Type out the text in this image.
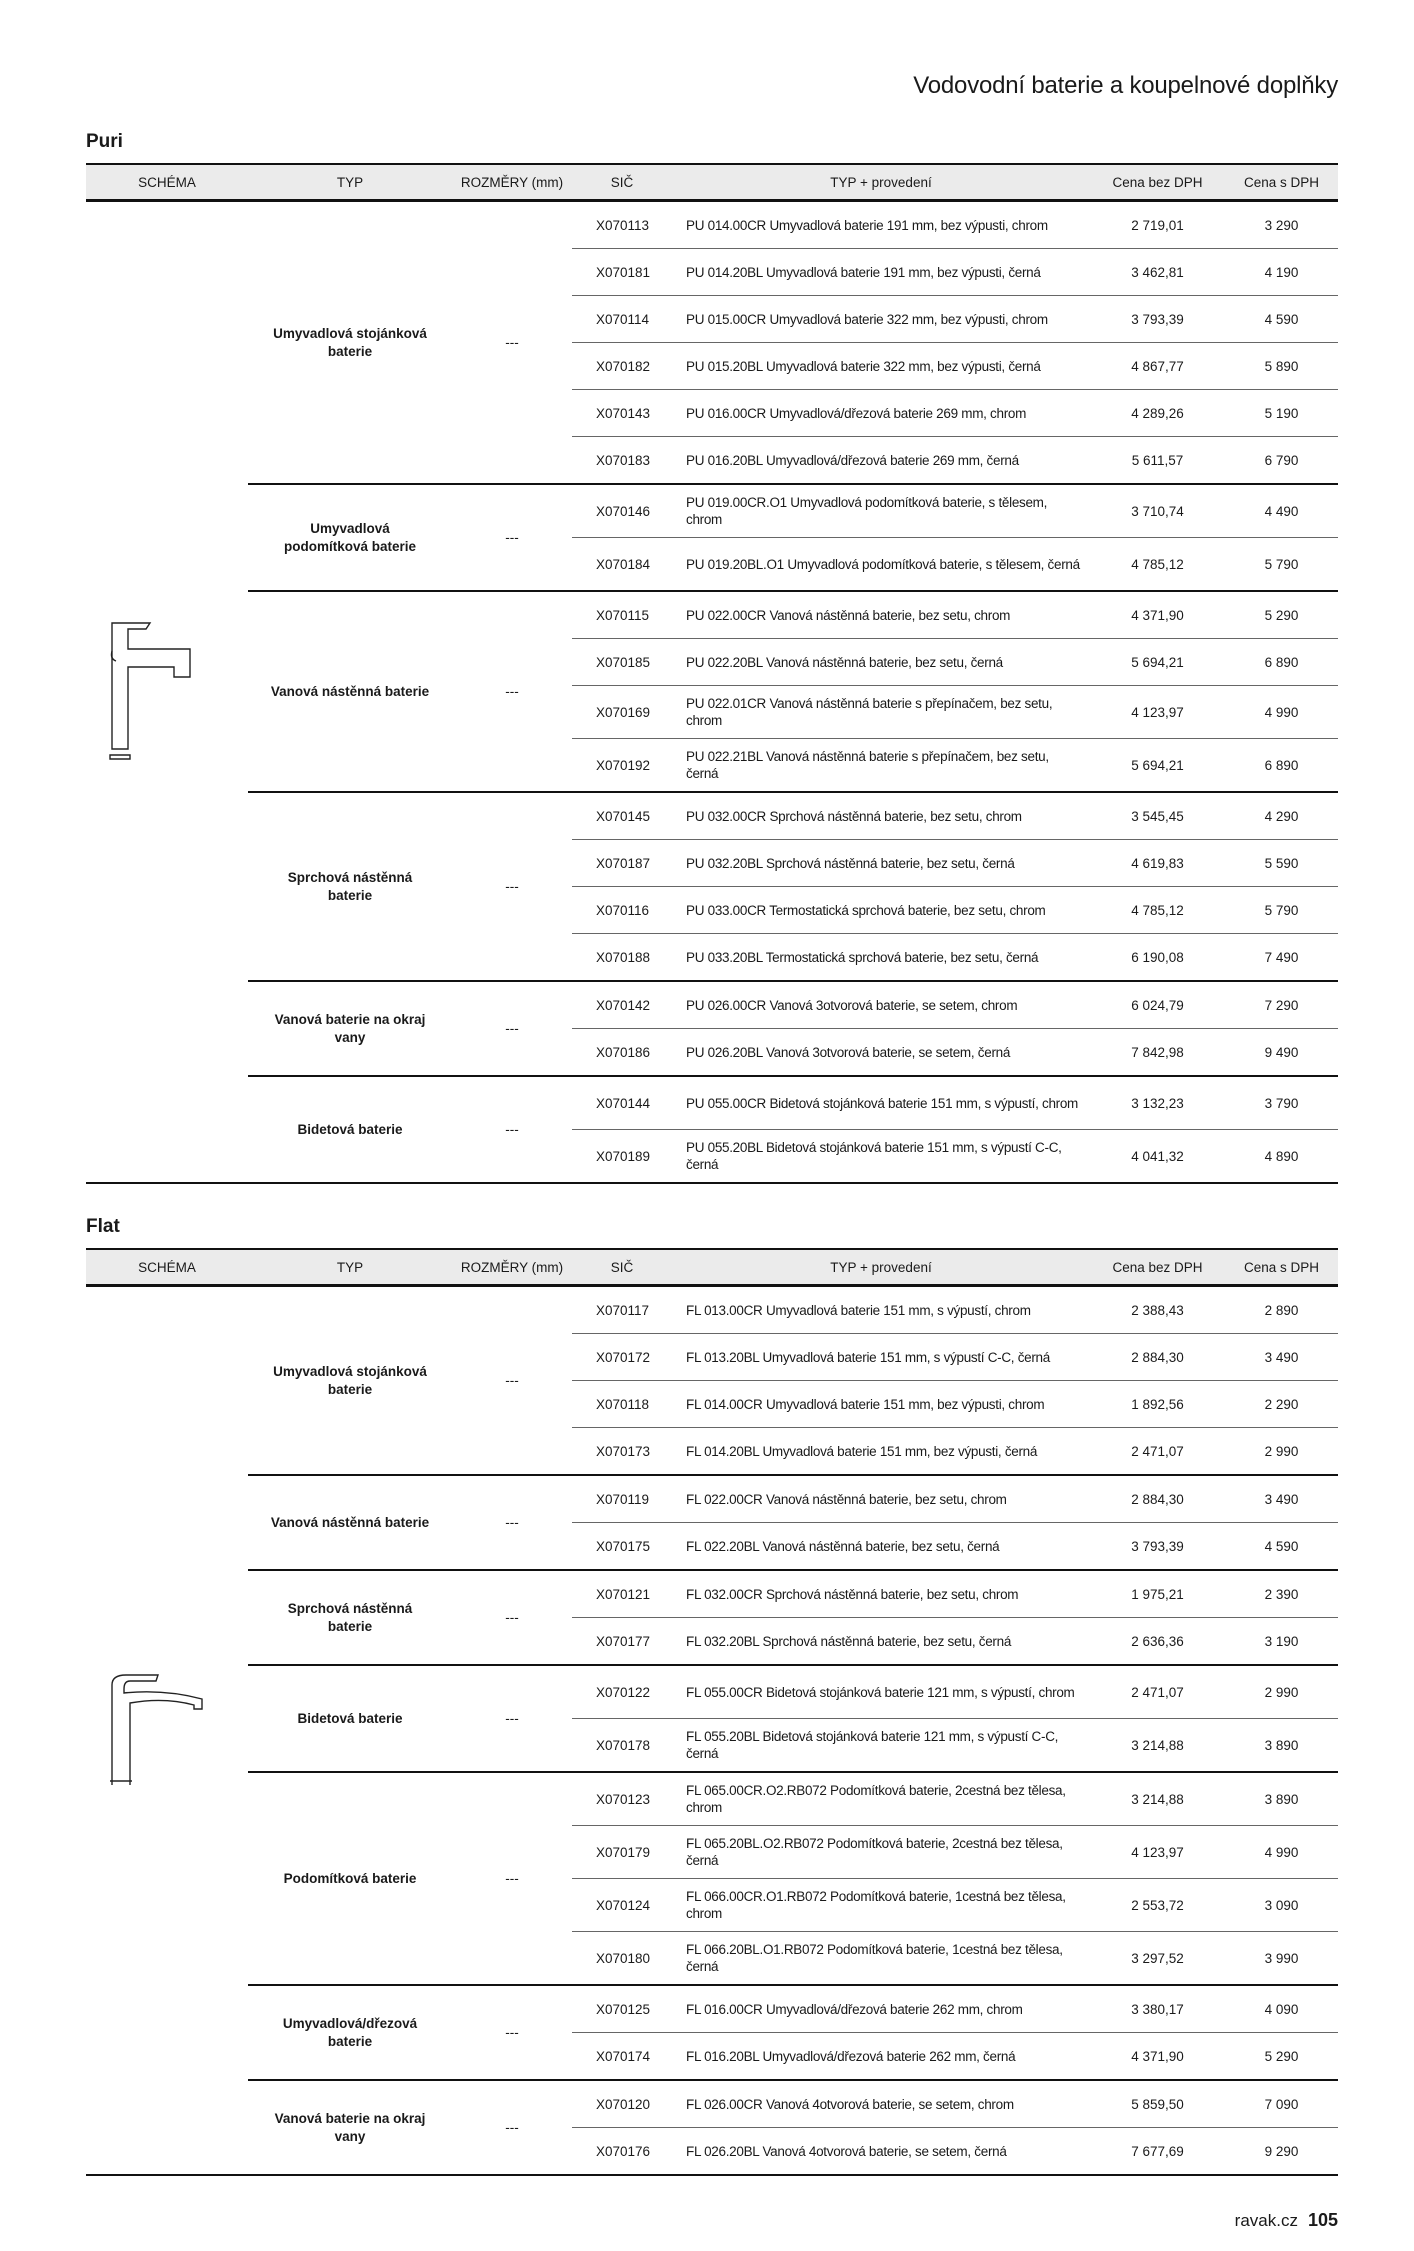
Vodovodní baterie a koupelnové doplňky
Puri
SCHÉMA	TYP	ROZMĚRY (mm)	SIČ	TYP + provedení	Cena bez DPH	Cena s DPH
	Umyvadlová stojánková baterie	---	X070113	PU 014.00CR Umyvadlová baterie 191 mm, bez výpusti, chrom	2 719,01	3 290
			X070181	PU 014.20BL Umyvadlová baterie 191 mm, bez výpusti, černá	3 462,81	4 190
			X070114	PU 015.00CR Umyvadlová baterie 322 mm, bez výpusti, chrom	3 793,39	4 590
			X070182	PU 015.20BL Umyvadlová baterie 322 mm, bez výpusti, černá	4 867,77	5 890
			X070143	PU 016.00CR Umyvadlová/dřezová baterie 269 mm, chrom	4 289,26	5 190
			X070183	PU 016.20BL Umyvadlová/dřezová baterie 269 mm, černá	5 611,57	6 790
	Umyvadlová podomítková baterie	---	X070146	PU 019.00CR.O1 Umyvadlová podomítková baterie, s tělesem, chrom	3 710,74	4 490
			X070184	PU 019.20BL.O1 Umyvadlová podomítková baterie, s tělesem, černá	4 785,12	5 790
	Vanová nástěnná baterie	---	X070115	PU 022.00CR Vanová nástěnná baterie, bez setu, chrom	4 371,90	5 290
			X070185	PU 022.20BL Vanová nástěnná baterie, bez setu, černá	5 694,21	6 890
			X070169	PU 022.01CR Vanová nástěnná baterie s přepínačem, bez setu, chrom	4 123,97	4 990
			X070192	PU 022.21BL Vanová nástěnná baterie s přepínačem, bez setu, černá	5 694,21	6 890
	Sprchová nástěnná baterie	---	X070145	PU 032.00CR Sprchová nástěnná baterie, bez setu, chrom	3 545,45	4 290
			X070187	PU 032.20BL Sprchová nástěnná baterie, bez setu, černá	4 619,83	5 590
			X070116	PU 033.00CR Termostatická sprchová baterie, bez setu, chrom	4 785,12	5 790
			X070188	PU 033.20BL Termostatická sprchová baterie, bez setu, černá	6 190,08	7 490
	Vanová baterie na okraj vany	---	X070142	PU 026.00CR Vanová 3otvorová baterie, se setem, chrom	6 024,79	7 290
			X070186	PU 026.20BL Vanová 3otvorová baterie, se setem, černá	7 842,98	9 490
	Bidetová baterie	---	X070144	PU 055.00CR Bidetová stojánková baterie 151 mm, s výpustí, chrom	3 132,23	3 790
			X070189	PU 055.20BL Bidetová stojánková baterie 151 mm, s výpustí C-C, černá	4 041,32	4 890
Flat
SCHÉMA	TYP	ROZMĚRY (mm)	SIČ	TYP + provedení	Cena bez DPH	Cena s DPH
	Umyvadlová stojánková baterie	---	X070117	FL 013.00CR Umyvadlová baterie 151 mm, s výpustí, chrom	2 388,43	2 890
			X070172	FL 013.20BL Umyvadlová baterie 151 mm, s výpustí C-C, černá	2 884,30	3 490
			X070118	FL 014.00CR Umyvadlová baterie 151 mm, bez výpusti, chrom	1 892,56	2 290
			X070173	FL 014.20BL Umyvadlová baterie 151 mm, bez výpusti, černá	2 471,07	2 990
	Vanová nástěnná baterie	---	X070119	FL 022.00CR Vanová nástěnná baterie, bez setu, chrom	2 884,30	3 490
			X070175	FL 022.20BL Vanová nástěnná baterie, bez setu, černá	3 793,39	4 590
	Sprchová nástěnná baterie	---	X070121	FL 032.00CR Sprchová nástěnná baterie, bez setu, chrom	1 975,21	2 390
			X070177	FL 032.20BL Sprchová nástěnná baterie, bez setu, černá	2 636,36	3 190
	Bidetová baterie	---	X070122	FL 055.00CR Bidetová stojánková baterie 121 mm, s výpustí, chrom	2 471,07	2 990
			X070178	FL 055.20BL Bidetová stojánková baterie 121 mm, s výpustí C-C, černá	3 214,88	3 890
	Podomítková baterie	---	X070123	FL 065.00CR.O2.RB072 Podomítková baterie, 2cestná bez tělesa, chrom	3 214,88	3 890
			X070179	FL 065.20BL.O2.RB072 Podomítková baterie, 2cestná bez tělesa, černá	4 123,97	4 990
			X070124	FL 066.00CR.O1.RB072 Podomítková baterie, 1cestná bez tělesa, chrom	2 553,72	3 090
			X070180	FL 066.20BL.O1.RB072 Podomítková baterie, 1cestná bez tělesa, černá	3 297,52	3 990
	Umyvadlová/dřezová baterie	---	X070125	FL 016.00CR Umyvadlová/dřezová baterie 262 mm, chrom	3 380,17	4 090
			X070174	FL 016.20BL Umyvadlová/dřezová baterie 262 mm, černá	4 371,90	5 290
	Vanová baterie na okraj vany	---	X070120	FL 026.00CR Vanová 4otvorová baterie, se setem, chrom	5 859,50	7 090
			X070176	FL 026.20BL Vanová 4otvorová baterie, se setem, černá	7 677,69	9 290
ravak.cz 105
